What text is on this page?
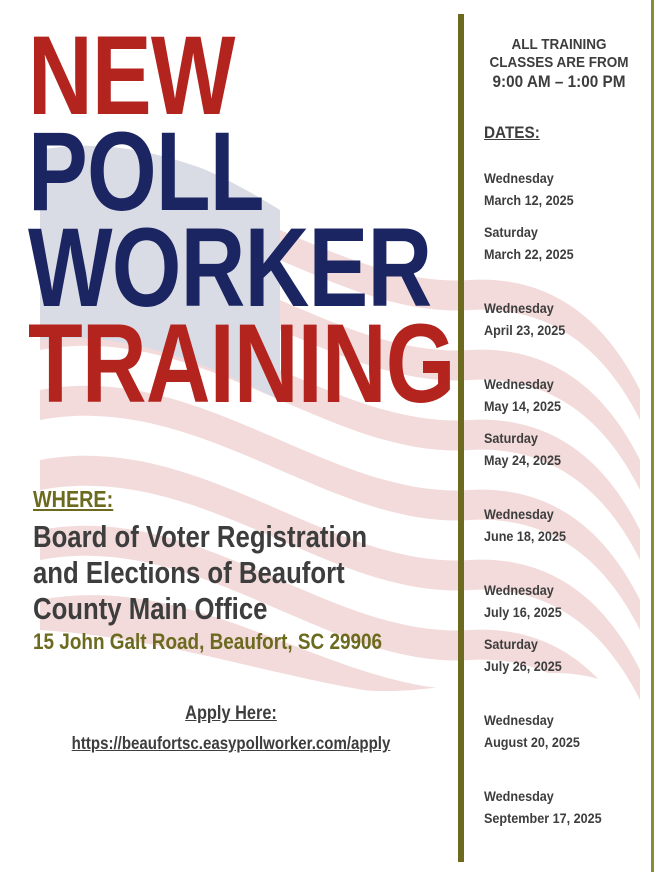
NEW
POLL
WORKER
TRAINING
WHERE:
Board of Voter Registration
and Elections of Beaufort
County Main Office
15 John Galt Road, Beaufort, SC 29906
Apply Here:
https://beaufortsc.easypollworker.com/apply
ALL TRAINING
CLASSES ARE FROM
9:00 AM – 1:00 PM
DATES:
Wednesday
March 12, 2025
Saturday
March 22, 2025
Wednesday
April 23, 2025
Wednesday
May 14, 2025
Saturday
May 24, 2025
Wednesday
June 18, 2025
Wednesday
July 16, 2025
Saturday
July 26, 2025
Wednesday
August 20, 2025
Wednesday
September 17, 2025
